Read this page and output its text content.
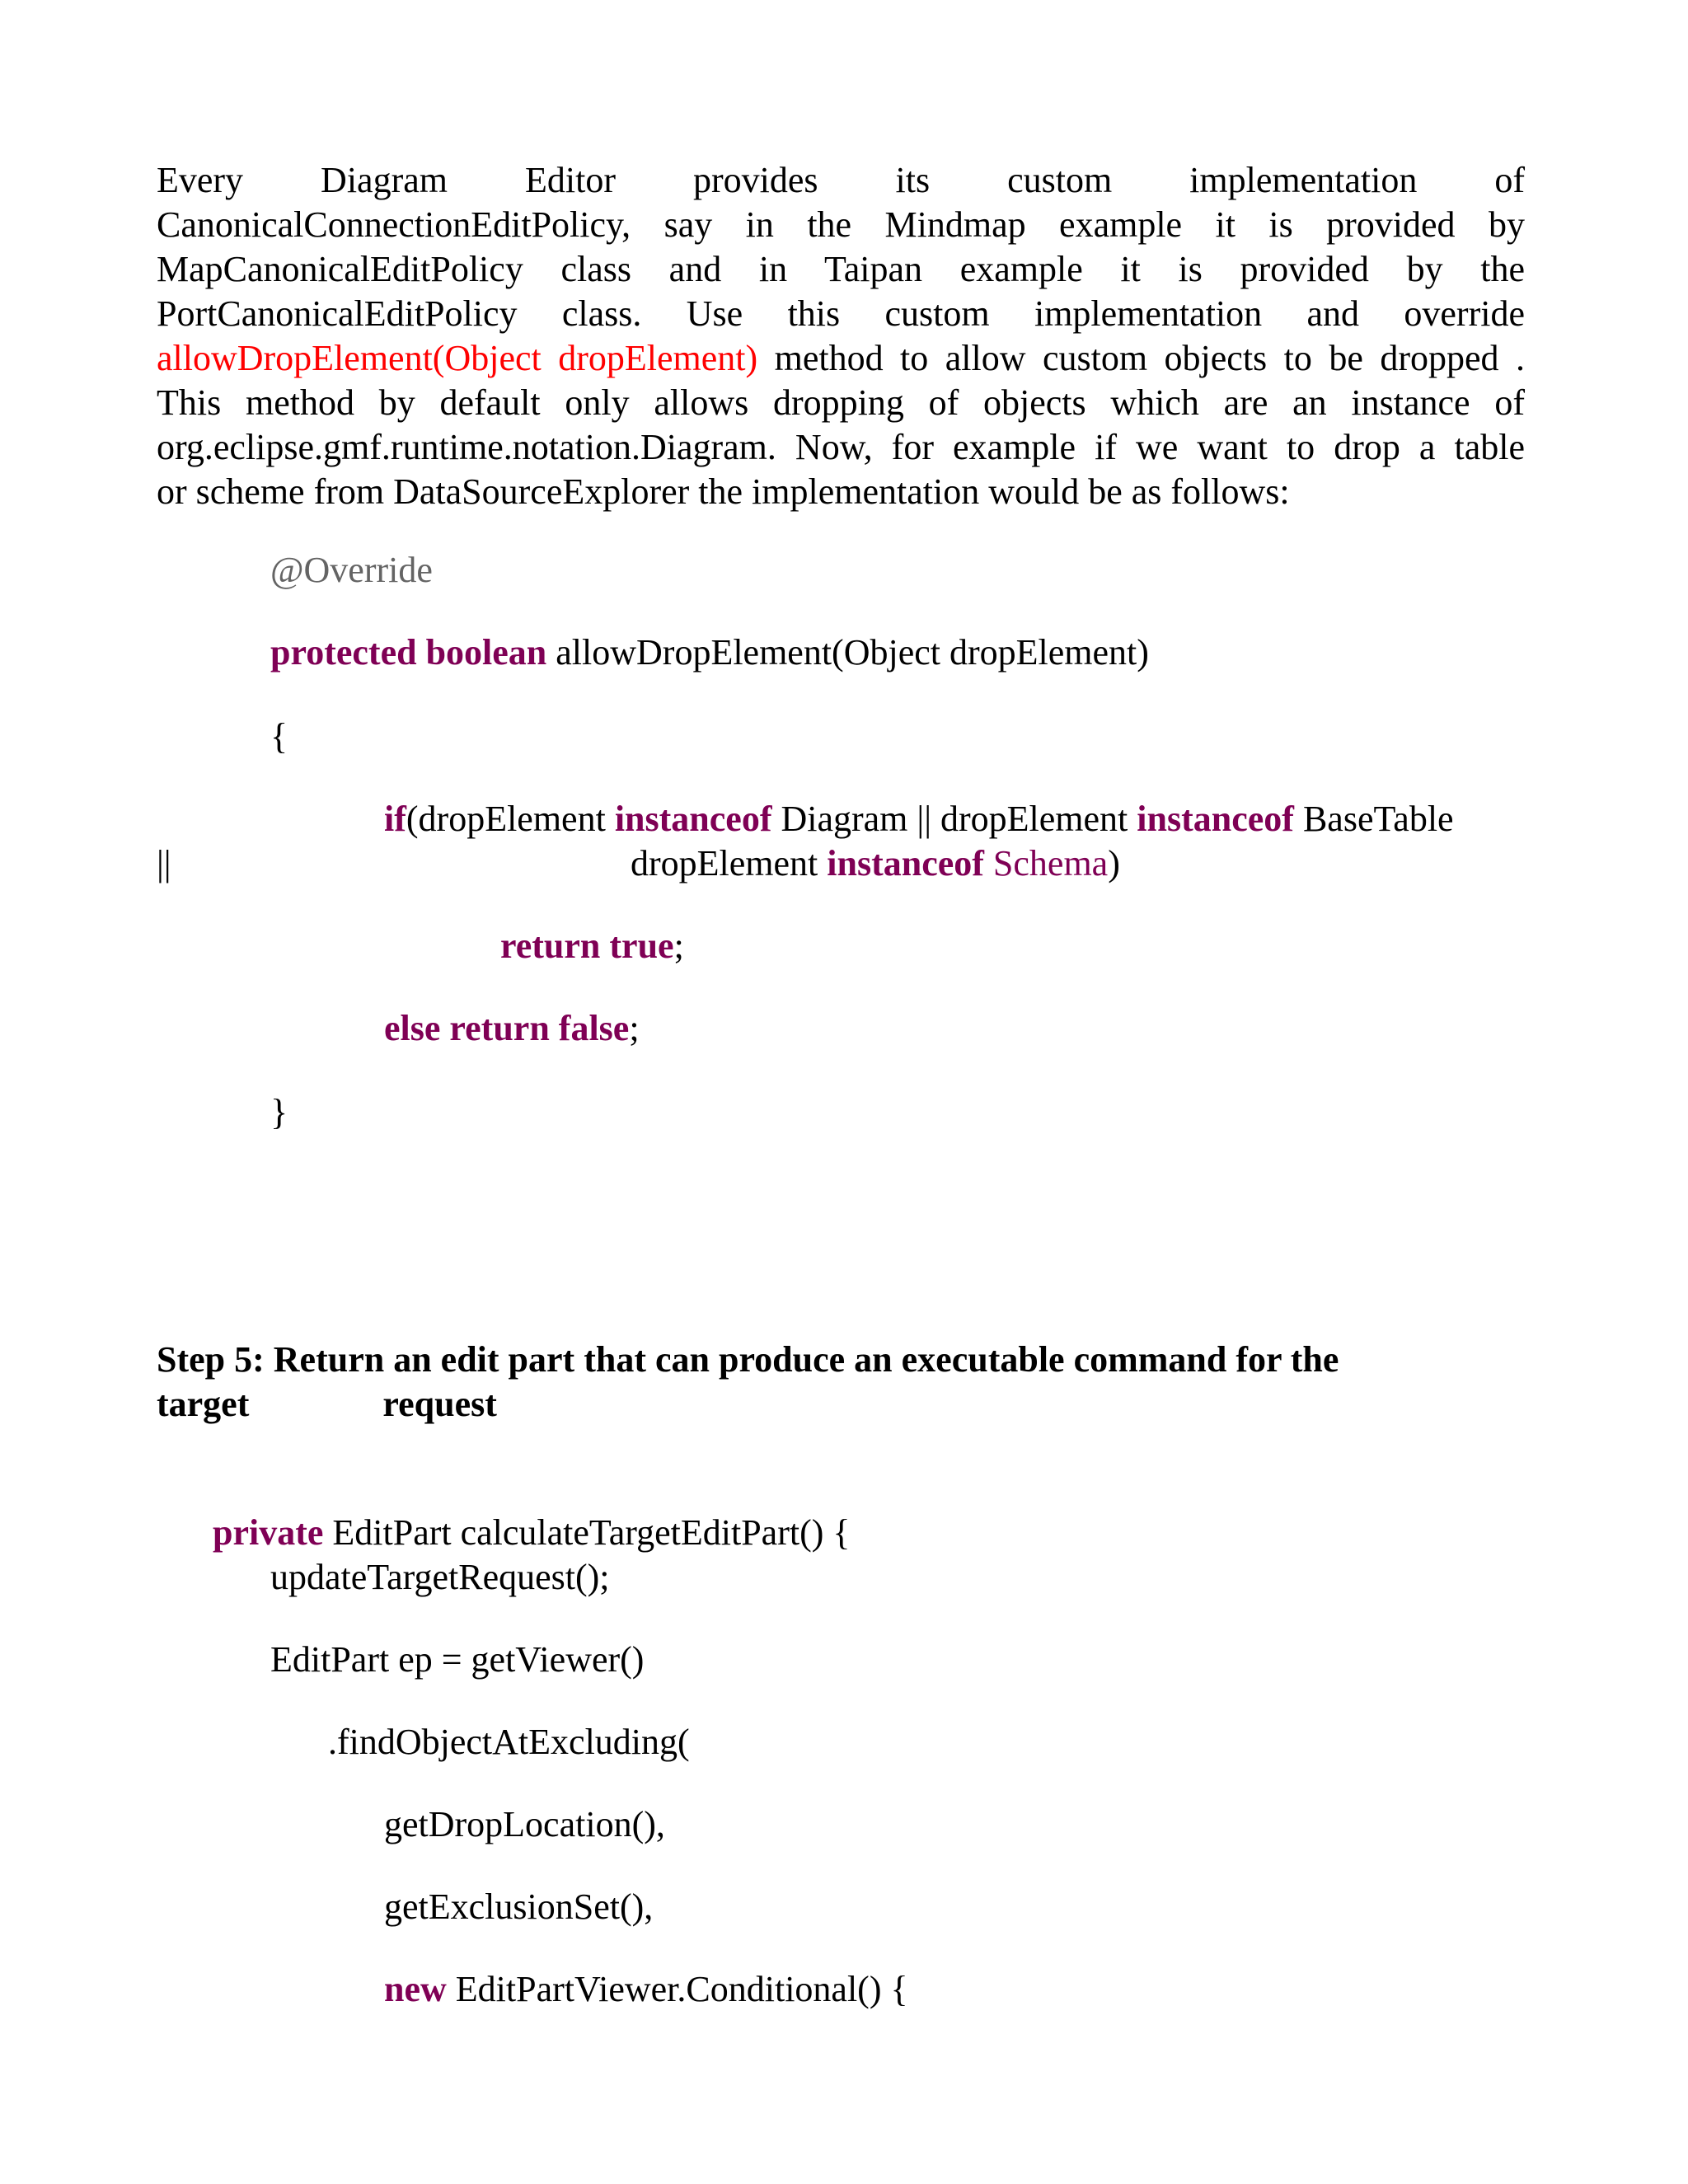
Every Diagram Editor provides its custom implementation of
CanonicalConnectionEditPolicy, say in the Mindmap example it is provided by
MapCanonicalEditPolicy class and in Taipan example it is provided by the
PortCanonicalEditPolicy class. Use this custom implementation and override
allowDropElement(Object dropElement) method to allow custom objects to be dropped .
This method by default only allows dropping of objects which are an instance of
org.eclipse.gmf.runtime.notation.Diagram. Now, for example if we want to drop a table
or scheme from DataSourceExplorer the implementation would be as follows:
@Override
protected boolean allowDropElement(Object dropElement)
{
if(dropElement instanceof Diagram || dropElement instanceof BaseTable
||	dropElement instanceof Schema)
return true;
else return false;
}
Step 5: Return an edit part that can produce an executable command for the
target	request
private EditPart calculateTargetEditPart() {
updateTargetRequest();
EditPart ep = getViewer()
.findObjectAtExcluding(
getDropLocation(),
getExclusionSet(),
new EditPartViewer.Conditional() {
